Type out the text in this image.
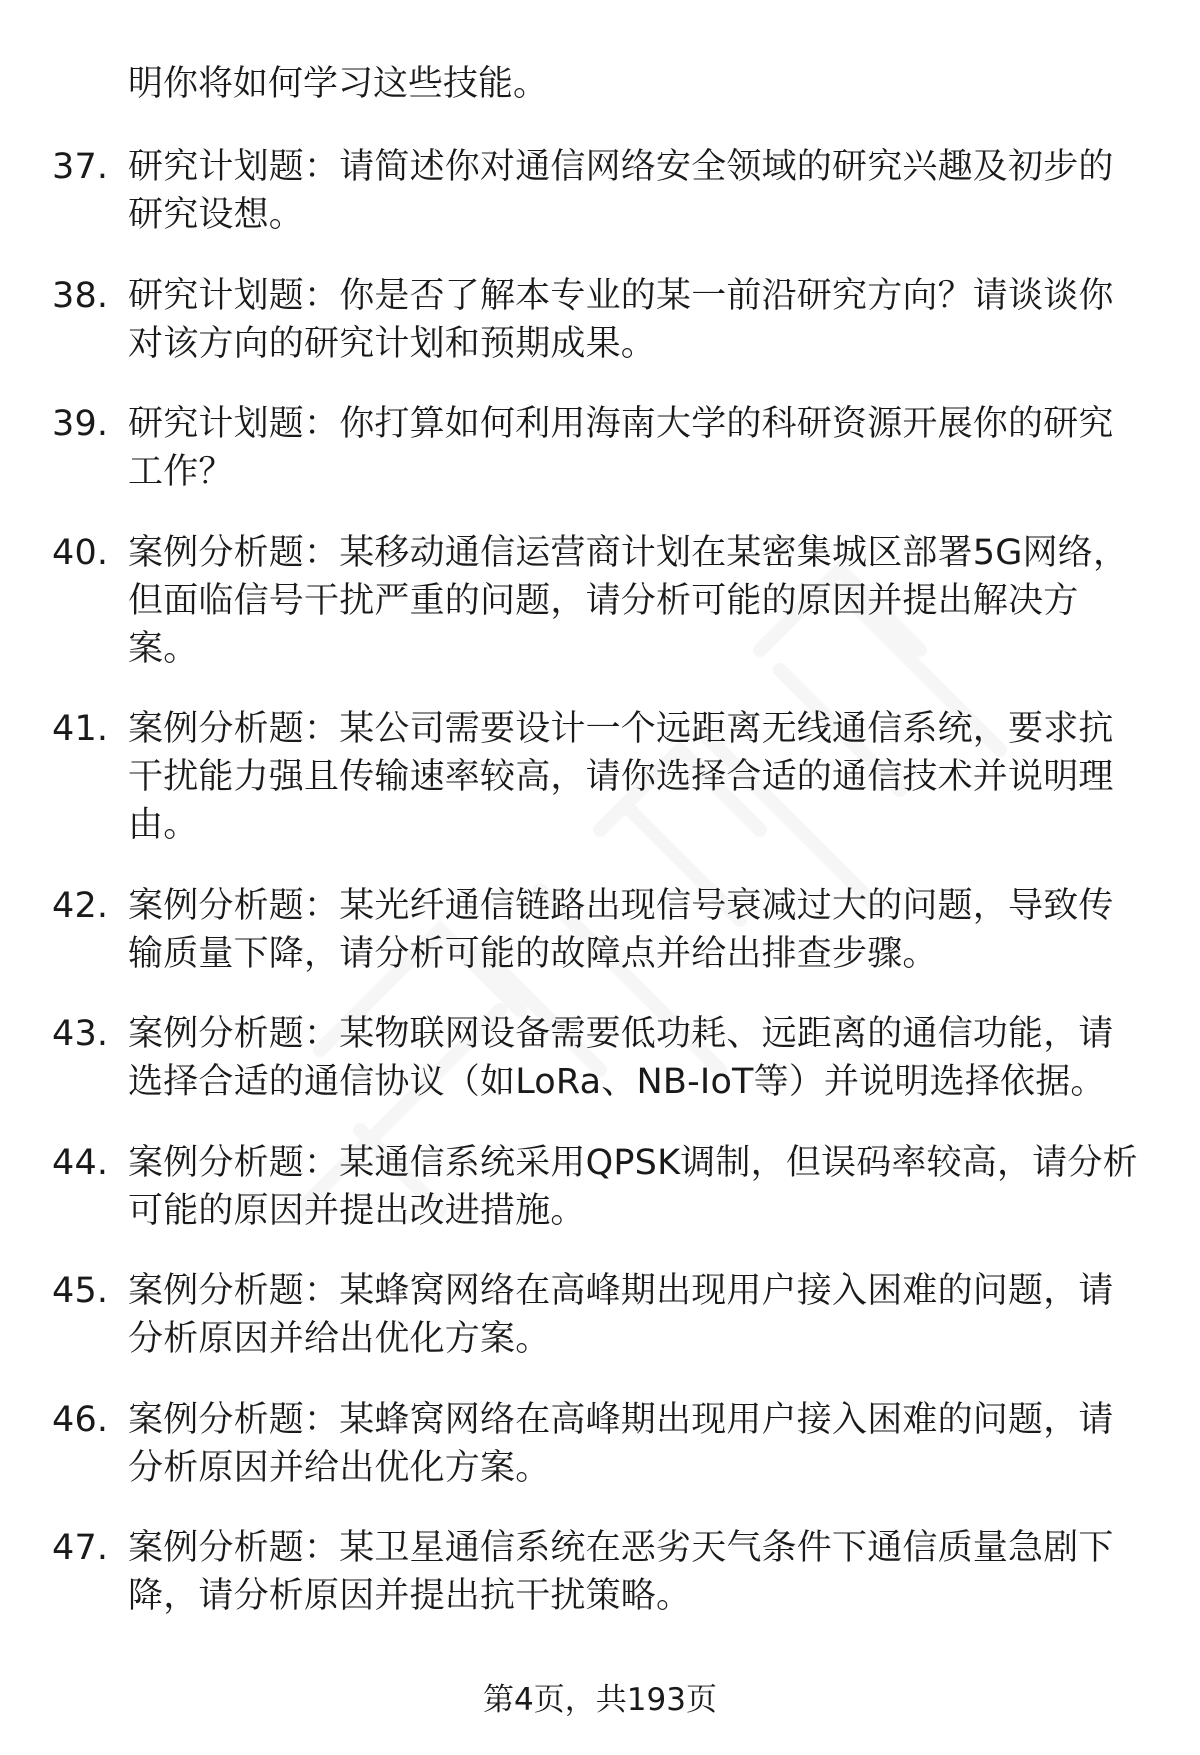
明你将如何学习这些技能。
37. 研究计划题：请简述你对通信网络安全领域的研究兴趣及初步的研究设想。
38. 研究计划题：你是否了解本专业的某一前沿研究方向？请谈谈你对该方向的研究计划和预期成果。
39. 研究计划题：你打算如何利用海南大学的科研资源开展你的研究工作？
40. 案例分析题：某移动通信运营商计划在某密集城区部署5G网络，但面临信号干扰严重的问题，请分析可能的原因并提出解决方案。
41. 案例分析题：某公司需要设计一个远距离无线通信系统，要求抗干扰能力强且传输速率较高，请你选择合适的通信技术并说明理由。
42. 案例分析题：某光纤通信链路出现信号衰减过大的问题，导致传输质量下降，请分析可能的故障点并给出排查步骤。
43. 案例分析题：某物联网设备需要低功耗、远距离的通信功能，请选择合适的通信协议（如LoRa、NB-IoT等）并说明选择依据。
44. 案例分析题：某通信系统采用QPSK调制，但误码率较高，请分析可能的原因并提出改进措施。
45. 案例分析题：某蜂窝网络在高峰期出现用户接入困难的问题，请分析原因并给出优化方案。
46. 案例分析题：某蜂窝网络在高峰期出现用户接入困难的问题，请分析原因并给出优化方案。
47. 案例分析题：某卫星通信系统在恶劣天气条件下通信质量急剧下降，请分析原因并提出抗干扰策略。
第4页，共193页
